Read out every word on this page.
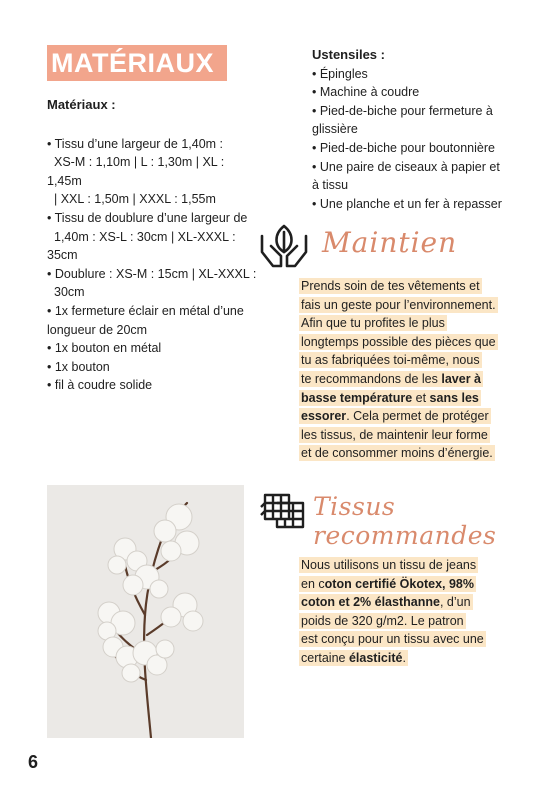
MATÉRIAUX
Matériaux :
• Tissu d’une largeur de 1,40m :
XS-M : 1,10m | L : 1,30m | XL :
1,45m
| XXL : 1,50m | XXXL : 1,55m
• Tissu de doublure d’une largeur de
1,40m : XS-L : 30cm | XL-XXXL :
35cm
• Doublure : XS-M : 15cm | XL-XXXL :
30cm
• 1x fermeture éclair en métal d’une
longueur de 20cm
• 1x bouton en métal
• 1x bouton
• fil à coudre solide
Ustensiles :
• Épingles
• Machine à coudre
• Pied-de-biche pour fermeture à
glissière
• Pied-de-biche pour boutonnière
• Une paire de ciseaux à papier et
à tissu
• Une planche et un fer à repasser
Maintien
Prends soin de tes vêtements et
fais un geste pour l’environnement.
Afin que tu profites le plus
longtemps possible des pièces que
tu as fabriquées toi-même, nous
te recommandons de les laver à
basse température et sans les
essorer. Cela permet de protéger
les tissus, de maintenir leur forme
et de consommer moins d’énergie.
Tissus recommandes
Nous utilisons un tissu de jeans
en coton certifié Ökotex, 98%
coton et 2% élasthanne, d’un
poids de 320 g/m2. Le patron
est conçu pour un tissu avec une
certaine élasticité.
6
